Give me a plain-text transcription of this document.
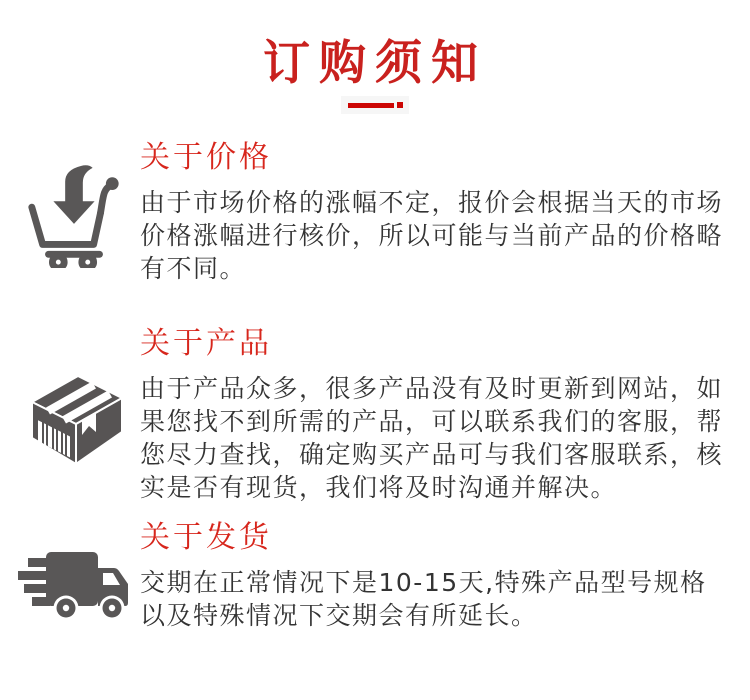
订购须知
关于价格

由于市场价格的涨幅不定，报价会根据当天的市场价格涨幅进行核价，所以可能与当前产品的价格略有不同。

关于产品

由于产品众多，很多产品没有及时更新到网站，如果您找不到所需的产品，可以联系我们的客服，帮您尽力查找，确定购买产品可与我们客服联系，核实是否有现货，我们将及时沟通并解决。

关于发货

交期在正常情况下是10-15天,特殊产品型号规格以及特殊情况下交期会有所延长。
